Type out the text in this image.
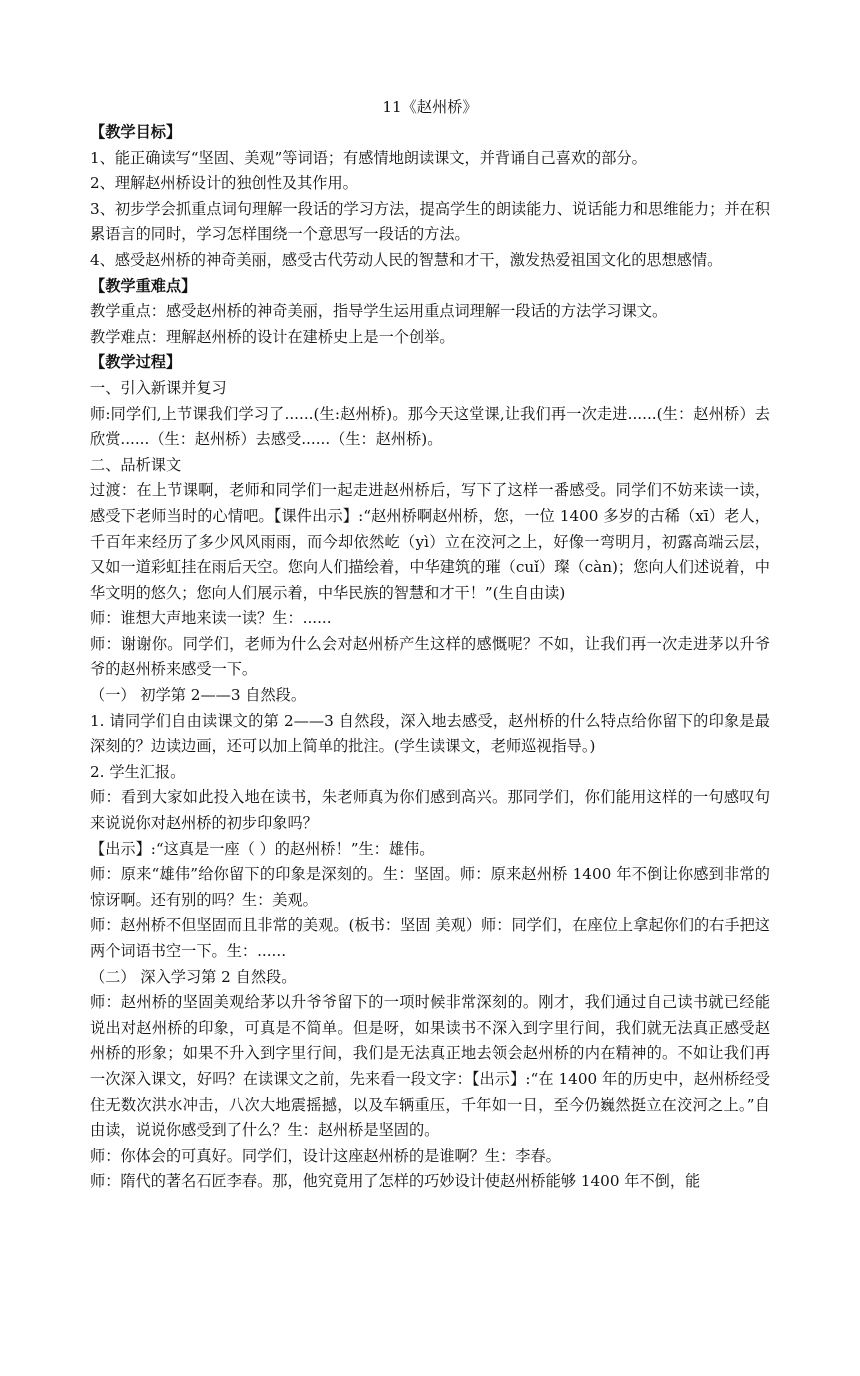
11《赵州桥》

【教学目标】

1、能正确读写“坚固、美观”等词语；有感情地朗读课文，并背诵自己喜欢的部分。

2、理解赵州桥设计的独创性及其作用。

3、初步学会抓重点词句理解一段话的学习方法，提高学生的朗读能力、说话能力和思维能力；并在积累语言的同时，学习怎样围绕一个意思写一段话的方法。

4、感受赵州桥的神奇美丽，感受古代劳动人民的智慧和才干，激发热爱祖国文化的思想感情。

【教学重难点】

教学重点：感受赵州桥的神奇美丽，指导学生运用重点词理解一段话的方法学习课文。

教学难点：理解赵州桥的设计在建桥史上是一个创举。

【教学过程】

一、引入新课并复习

师:同学们,上节课我们学习了......(生:赵州桥)。那今天这堂课,让我们再一次走进......(生：赵州桥）去欣赏......（生：赵州桥）去感受......（生：赵州桥)。

二、品析课文

过渡：在上节课啊，老师和同学们一起走进赵州桥后，写下了这样一番感受。同学们不妨来读一读，感受下老师当时的心情吧。【课件出示】:“赵州桥啊赵州桥，您，一位 1400 多岁的古稀（xī）老人，千百年来经历了多少风风雨雨，而今却依然屹（yì）立在洨河之上，好像一弯明月，初露高端云层，又如一道彩虹挂在雨后天空。您向人们描绘着，中华建筑的璀（cuǐ）璨（càn)；您向人们述说着，中华文明的悠久；您向人们展示着，中华民族的智慧和才干！”(生自由读)

师：谁想大声地来读一读？生：......

师：谢谢你。同学们，老师为什么会对赵州桥产生这样的感慨呢？不如，让我们再一次走进茅以升爷爷的赵州桥来感受一下。

（一） 初学第 2——3 自然段。

1. 请同学们自由读课文的第 2——3 自然段，深入地去感受，赵州桥的什么特点给你留下的印象是最深刻的？边读边画，还可以加上简单的批注。(学生读课文，老师巡视指导。)

2. 学生汇报。

师：看到大家如此投入地在读书，朱老师真为你们感到高兴。那同学们，你们能用这样的一句感叹句来说说你对赵州桥的初步印象吗？

【出示】:“这真是一座（ ）的赵州桥！”生：雄伟。

师：原来“雄伟”给你留下的印象是深刻的。生：坚固。师：原来赵州桥 1400 年不倒让你感到非常的惊讶啊。还有别的吗？生：美观。

师：赵州桥不但坚固而且非常的美观。(板书：坚固 美观）师：同学们，在座位上拿起你们的右手把这两个词语书空一下。生：......

（二） 深入学习第 2 自然段。

师：赵州桥的坚固美观给茅以升爷爷留下的一项时候非常深刻的。刚才，我们通过自己读书就已经能说出对赵州桥的印象，可真是不简单。但是呀，如果读书不深入到字里行间，我们就无法真正感受赵州桥的形象；如果不升入到字里行间，我们是无法真正地去领会赵州桥的内在精神的。不如让我们再一次深入课文，好吗？在读课文之前，先来看一段文字：【出示】:“在 1400 年的历史中，赵州桥经受住无数次洪水冲击，八次大地震摇撼，以及车辆重压，千年如一日，至今仍巍然挺立在洨河之上。”自由读，说说你感受到了什么？生：赵州桥是坚固的。

师：你体会的可真好。同学们，设计这座赵州桥的是谁啊？生：李春。

师：隋代的著名石匠李春。那，他究竟用了怎样的巧妙设计使赵州桥能够 1400 年不倒，能
